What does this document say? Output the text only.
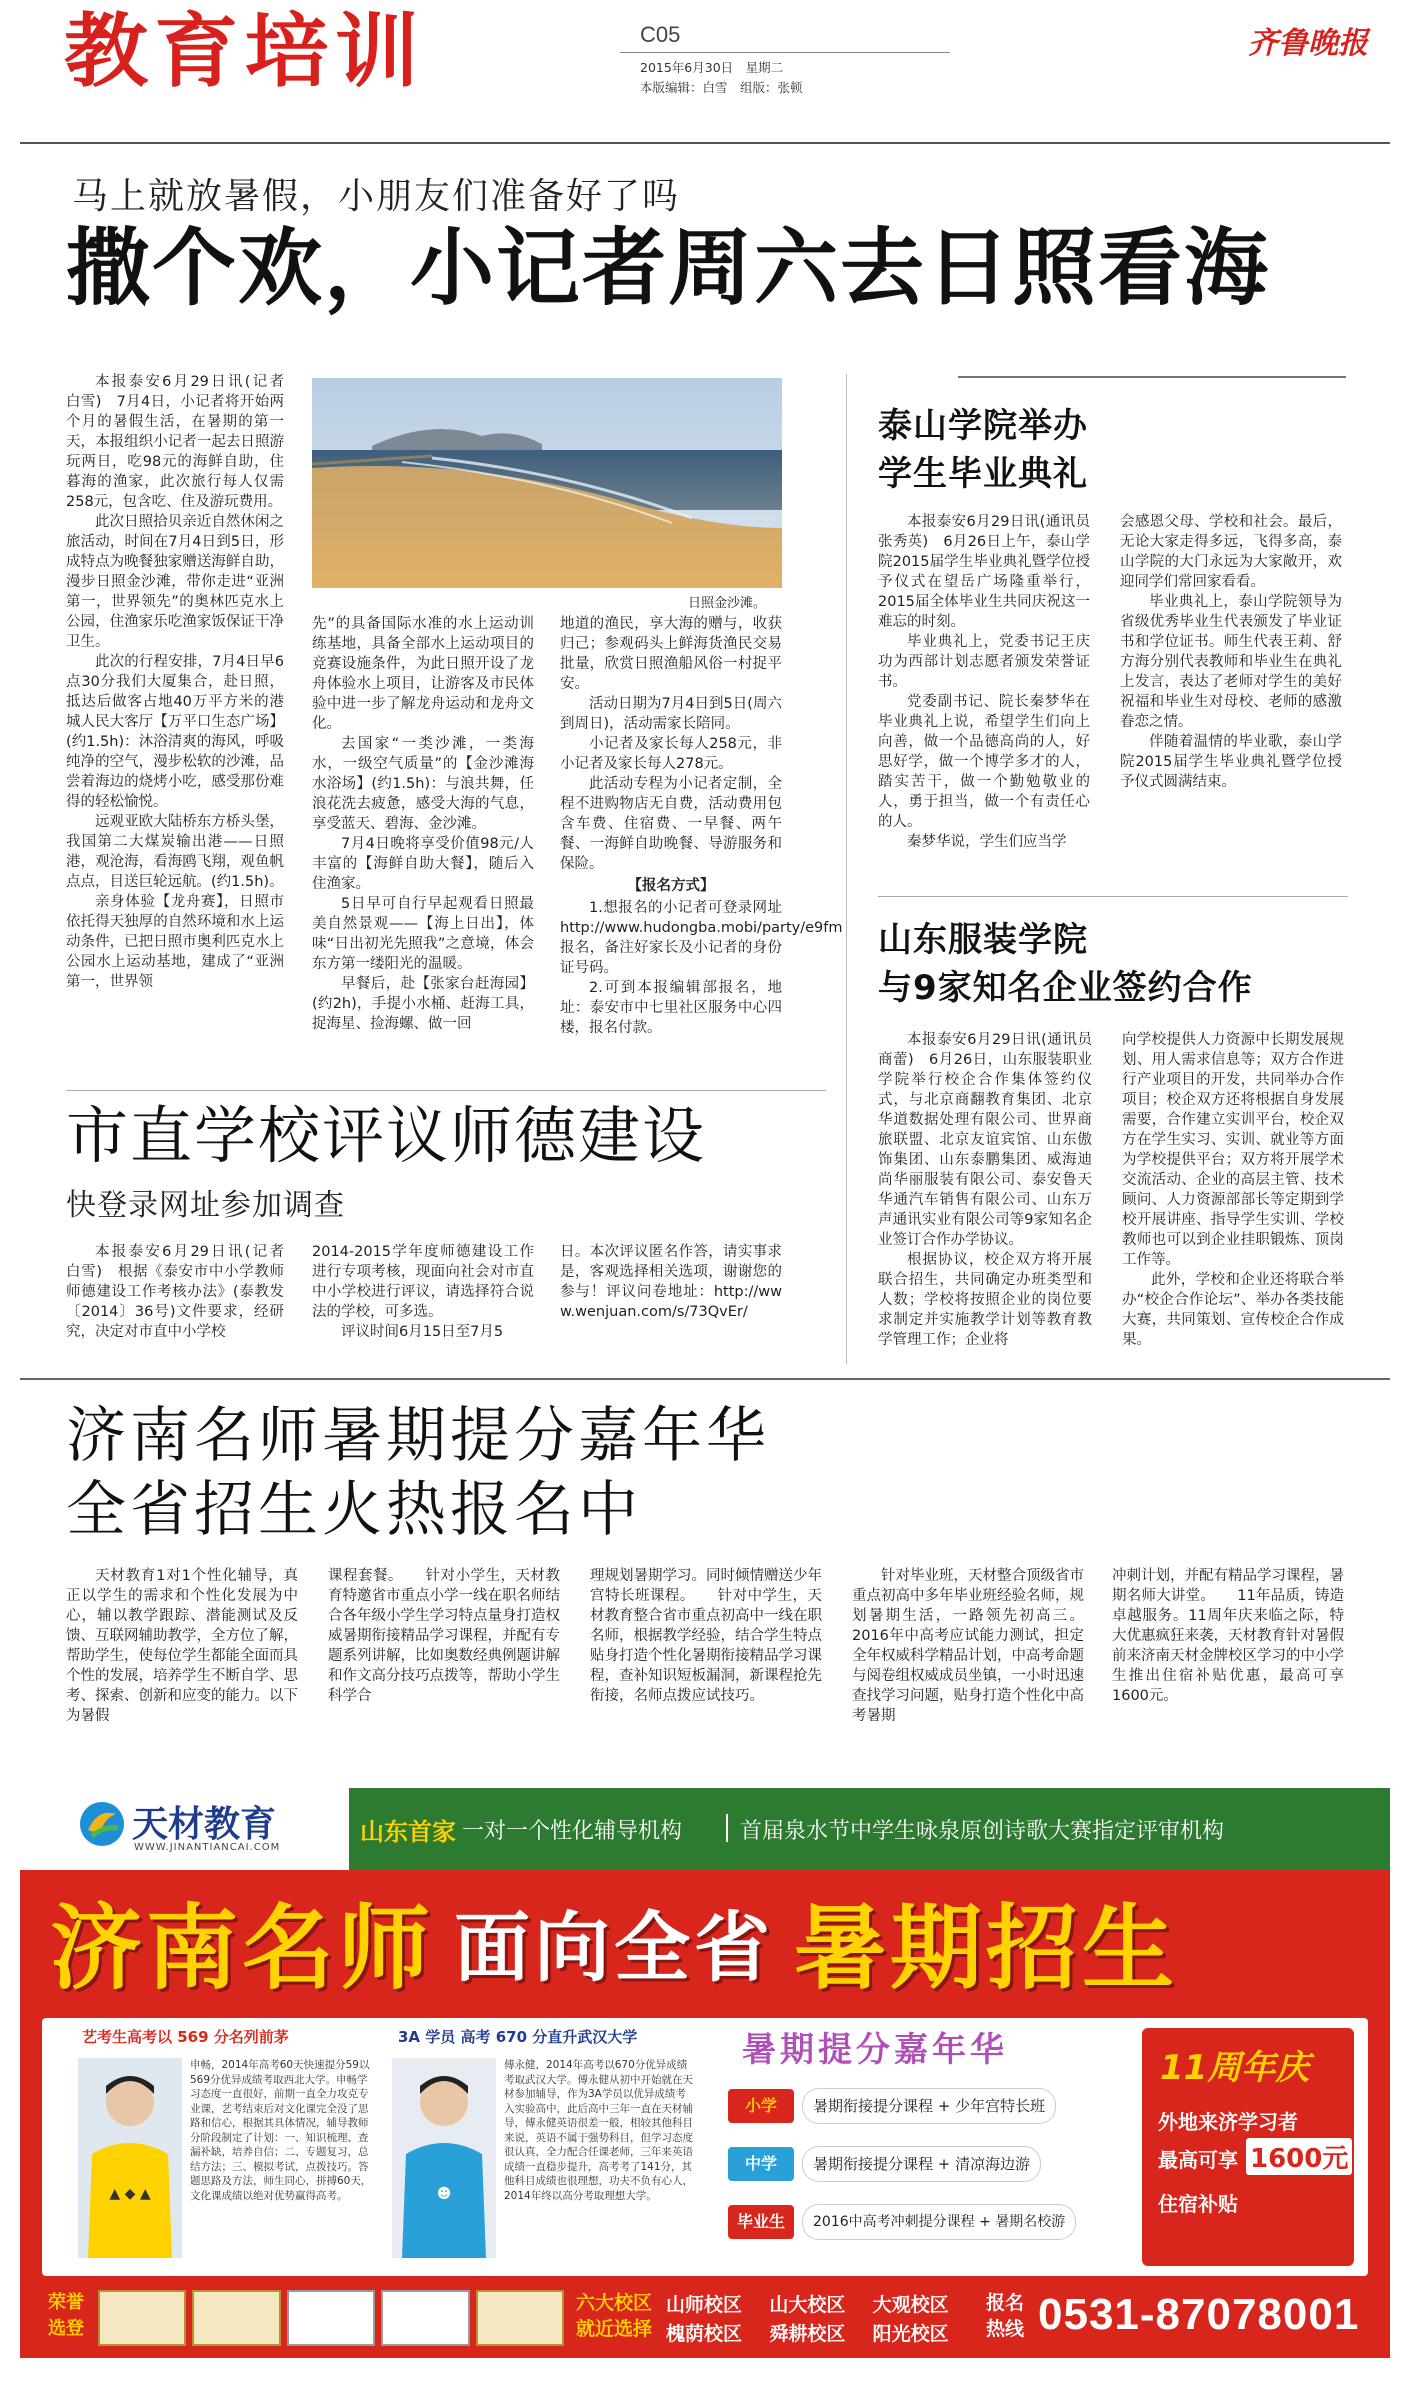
教育培训	C05
2015年6月30日　星期二
本版编辑：白雪　组版：张顿
齐鲁晚报
马上就放暑假，小朋友们准备好了吗
撒个欢，小记者周六去日照看海
日照金沙滩。

本报泰安6月29日讯(记者　白雪)　7月4日，小记者将开始两个月的暑假生活，在暑期的第一天，本报组织小记者一起去日照游玩两日，吃98元的海鲜自助，住暮海的渔家，此次旅行每人仅需258元，包含吃、住及游玩费用。

此次日照拾贝亲近自然休闲之旅活动，时间在7月4日到5日，形成特点为晚餐独家赠送海鲜自助，漫步日照金沙滩，带你走进“亚洲第一，世界领先”的奥林匹克水上公园，住渔家乐吃渔家饭保证干净卫生。

此次的行程安排，7月4日早6点30分我们大厦集合，赴日照，抵达后做客占地40万平方米的港城人民大客厅【万平口生态广场】(约1.5h)：沐浴清爽的海风，呼吸纯净的空气，漫步松软的沙滩，品尝着海边的烧烤小吃，感受那份难得的轻松愉悦。

远观亚欧大陆桥东方桥头堡，我国第二大煤炭输出港——日照港，观沧海，看海鸥飞翔，观鱼帆点点，目送巨轮远航。(约1.5h)。

亲身体验【龙舟赛】，日照市依托得天独厚的自然环境和水上运动条件，已把日照市奥利匹克水上公园水上运动基地，建成了“亚洲第一，世界领

先”的具备国际水准的水上运动训练基地，具备全部水上运动项目的竞赛设施条件，为此日照开设了龙舟体验水上项目，让游客及市民体验中进一步了解龙舟运动和龙舟文化。

去国家“一类沙滩，一类海水，一级空气质量”的【金沙滩海水浴场】(约1.5h)：与浪共舞，任浪花洗去疲惫，感受大海的气息，享受蓝天、碧海、金沙滩。

7月4日晚将享受价值98元/人丰富的【海鲜自助大餐】，随后入住渔家。

5日早可自行早起观看日照最美自然景观——【海上日出】，体味“日出初光先照我”之意境，体会东方第一缕阳光的温暖。

早餐后，赴【张家台赶海园】(约2h)，手提小水桶、赶海工具，捉海星、捡海螺、做一回

地道的渔民，享大海的赠与，收获归己；参观码头上鲜海货渔民交易批量，欣赏日照渔船风俗一村捉平安。

活动日期为7月4日到5日(周六到周日)，活动需家长陪同。

小记者及家长每人258元，非小记者及家长每人278元。

此活动专程为小记者定制，全程不进购物店无自费，活动费用包含车费、住宿费、一早餐、两午餐、一海鲜自助晚餐、导游服务和保险。

【报名方式】

1.想报名的小记者可登录网址http://www.hudongba.mobi/party/e9fm报名，备注好家长及小记者的身份证号码。

2.可到本报编辑部报名，地址：泰安市中七里社区服务中心四楼，报名付款。

泰山学院举办
学生毕业典礼

本报泰安6月29日讯(通讯员　张秀英)　6月26日上午，泰山学院2015届学生毕业典礼暨学位授予仪式在望岳广场隆重举行，2015届全体毕业生共同庆祝这一难忘的时刻。

毕业典礼上，党委书记王庆功为西部计划志愿者颁发荣誉证书。

党委副书记、院长秦梦华在毕业典礼上说，希望学生们向上向善，做一个品德高尚的人，好思好学，做一个博学多才的人，踏实苦干，做一个勤勉敬业的人，勇于担当，做一个有责任心的人。

秦梦华说，学生们应当学

会感恩父母、学校和社会。最后，无论大家走得多远，飞得多高，泰山学院的大门永远为大家敞开，欢迎同学们常回家看看。

毕业典礼上，泰山学院领导为省级优秀毕业生代表颁发了毕业证书和学位证书。师生代表王莉、舒方海分别代表教师和毕业生在典礼上发言，表达了老师对学生的美好祝福和毕业生对母校、老师的感激眷恋之情。

伴随着温情的毕业歌，泰山学院2015届学生毕业典礼暨学位授予仪式圆满结束。

山东服装学院
与9家知名企业签约合作

本报泰安6月29日讯(通讯员　商蕾)　6月26日，山东服装职业学院举行校企合作集体签约仪式，与北京商翻教育集团、北京华道数据处理有限公司、世界商旅联盟、北京友谊宾馆、山东傲饰集团、山东泰鹏集团、威海迪尚华丽服装有限公司、泰安鲁天华通汽车销售有限公司、山东万声通讯实业有限公司等9家知名企业签订合作办学协议。

根据协议，校企双方将开展联合招生，共同确定办班类型和人数；学校将按照企业的岗位要求制定并实施教学计划等教育教学管理工作；企业将

向学校提供人力资源中长期发展规划、用人需求信息等；双方合作进行产业项目的开发，共同举办合作项目；校企双方还将根据自身发展需要，合作建立实训平台，校企双方在学生实习、实训、就业等方面为学校提供平台；双方将开展学术交流活动、企业的高层主管、技术顾问、人力资源部部长等定期到学校开展讲座、指导学生实训、学校教师也可以到企业挂职锻炼、顶岗工作等。

此外，学校和企业还将联合举办“校企合作论坛”、举办各类技能大赛，共同策划、宣传校企合作成果。

市直学校评议师德建设
快登录网址参加调查

本报泰安6月29日讯(记者　白雪)　根据《泰安市中小学教师师德建设工作考核办法》(泰教发〔2014〕36号)文件要求，经研究，决定对市直中小学校

2014-2015学年度师德建设工作进行专项考核，现面向社会对市直中小学校进行评议，请选择符合说法的学校，可多选。

评议时间6月15日至7月5

日。本次评议匿名作答，请实事求是，客观选择相关选项，谢谢您的参与！评议问卷地址：http://www.wenjuan.com/s/73QvEr/

济南名师暑期提分嘉年华
全省招生火热报名中

天材教育1对1个性化辅导，真正以学生的需求和个性化发展为中心，辅以教学跟踪、潜能测试及反馈、互联网辅助教学，全方位了解，帮助学生，使每位学生都能全面而具个性的发展，培养学生不断自学、思考、探索、创新和应变的能力。以下为暑假

课程套餐。　　针对小学生，天材教育特邀省市重点小学一线在职名师结合各年级小学生学习特点量身打造权威暑期衔接精品学习课程，并配有专题系列讲解，比如奥数经典例题讲解和作文高分技巧点拨等，帮助小学生科学合

理规划暑期学习。同时倾情赠送少年宫特长班课程。　　针对中学生，天材教育整合省市重点初高中一线在职名师，根据教学经验，结合学生特点贴身打造个性化暑期衔接精品学习课程，查补知识短板漏洞，新课程抢先衔接，名师点拨应试技巧。

针对毕业班，天材整合顶级省市重点初高中多年毕业班经验名师，规划暑期生活，一路领先初高三。2016年中高考应试能力测试，担定全年权威科学精品计划，中高考命题与阅卷组权威成员坐镇，一小时迅速查找学习问题，贴身打造个性化中高考暑期

冲刺计划，并配有精品学习课程，暑期名师大讲堂。　　11年品质，铸造卓越服务。11周年庆来临之际，特大优惠疯狂来袭，天材教育针对暑假前来济南天材金牌校区学习的中小学生推出住宿补贴优惠，最高可享1600元。

天材教育
WWW.JINANTIANCAI.COM
山东首家 一对一个性化辅导机构	首届泉水节中学生咏泉原创诗歌大赛指定评审机构
济南名师 面向全省 暑期招生
艺考生高考以 569 分名列前茅
▲ ◆ ▲
申畅，2014年高考60天快速提分59以569分优异成绩考取西北大学。申畅学习态度一直很好，前期一直全力攻克专业课，艺考结束后对文化课完全没了思路和信心，根据其具体情况，辅导教师分阶段制定了计划：一、知识梳理、查漏补缺，培养自信；二、专题复习，总结方法；三、模拟考试，点拨技巧。答题思路及方法，师生同心，拼搏60天，文化课成绩以绝对优势赢得高考。
3A 学员 高考 670 分直升武汉大学
☻
傅永健，2014年高考以670分优异成绩考取武汉大学。傅永健从初中开始就在天材参加辅导，作为3A学员以优异成绩考入实验高中，此后高中三年一直在天材辅导，傅永健英语很差一般，相较其他科目来说，英语不属于强势科目，但学习态度很认真，全力配合任课老师，三年来英语成绩一直稳步提升，高考考了141分，其他科目成绩也很理想，功夫不负有心人，2014年终以高分考取理想大学。
暑期提分嘉年华
小学	暑期衔接提分课程 + 少年宫特长班
中学	暑期衔接提分课程 + 清凉海边游
毕业生	2016中高考冲刺提分课程 + 暑期名校游
11周年庆
外地来济学习者
最高可享 1600元
住宿补贴
荣誉选登
六大校区就近选择
山师校区	山大校区	大观校区
槐荫校区	舜耕校区	阳光校区
报名热线 0531-87078001
